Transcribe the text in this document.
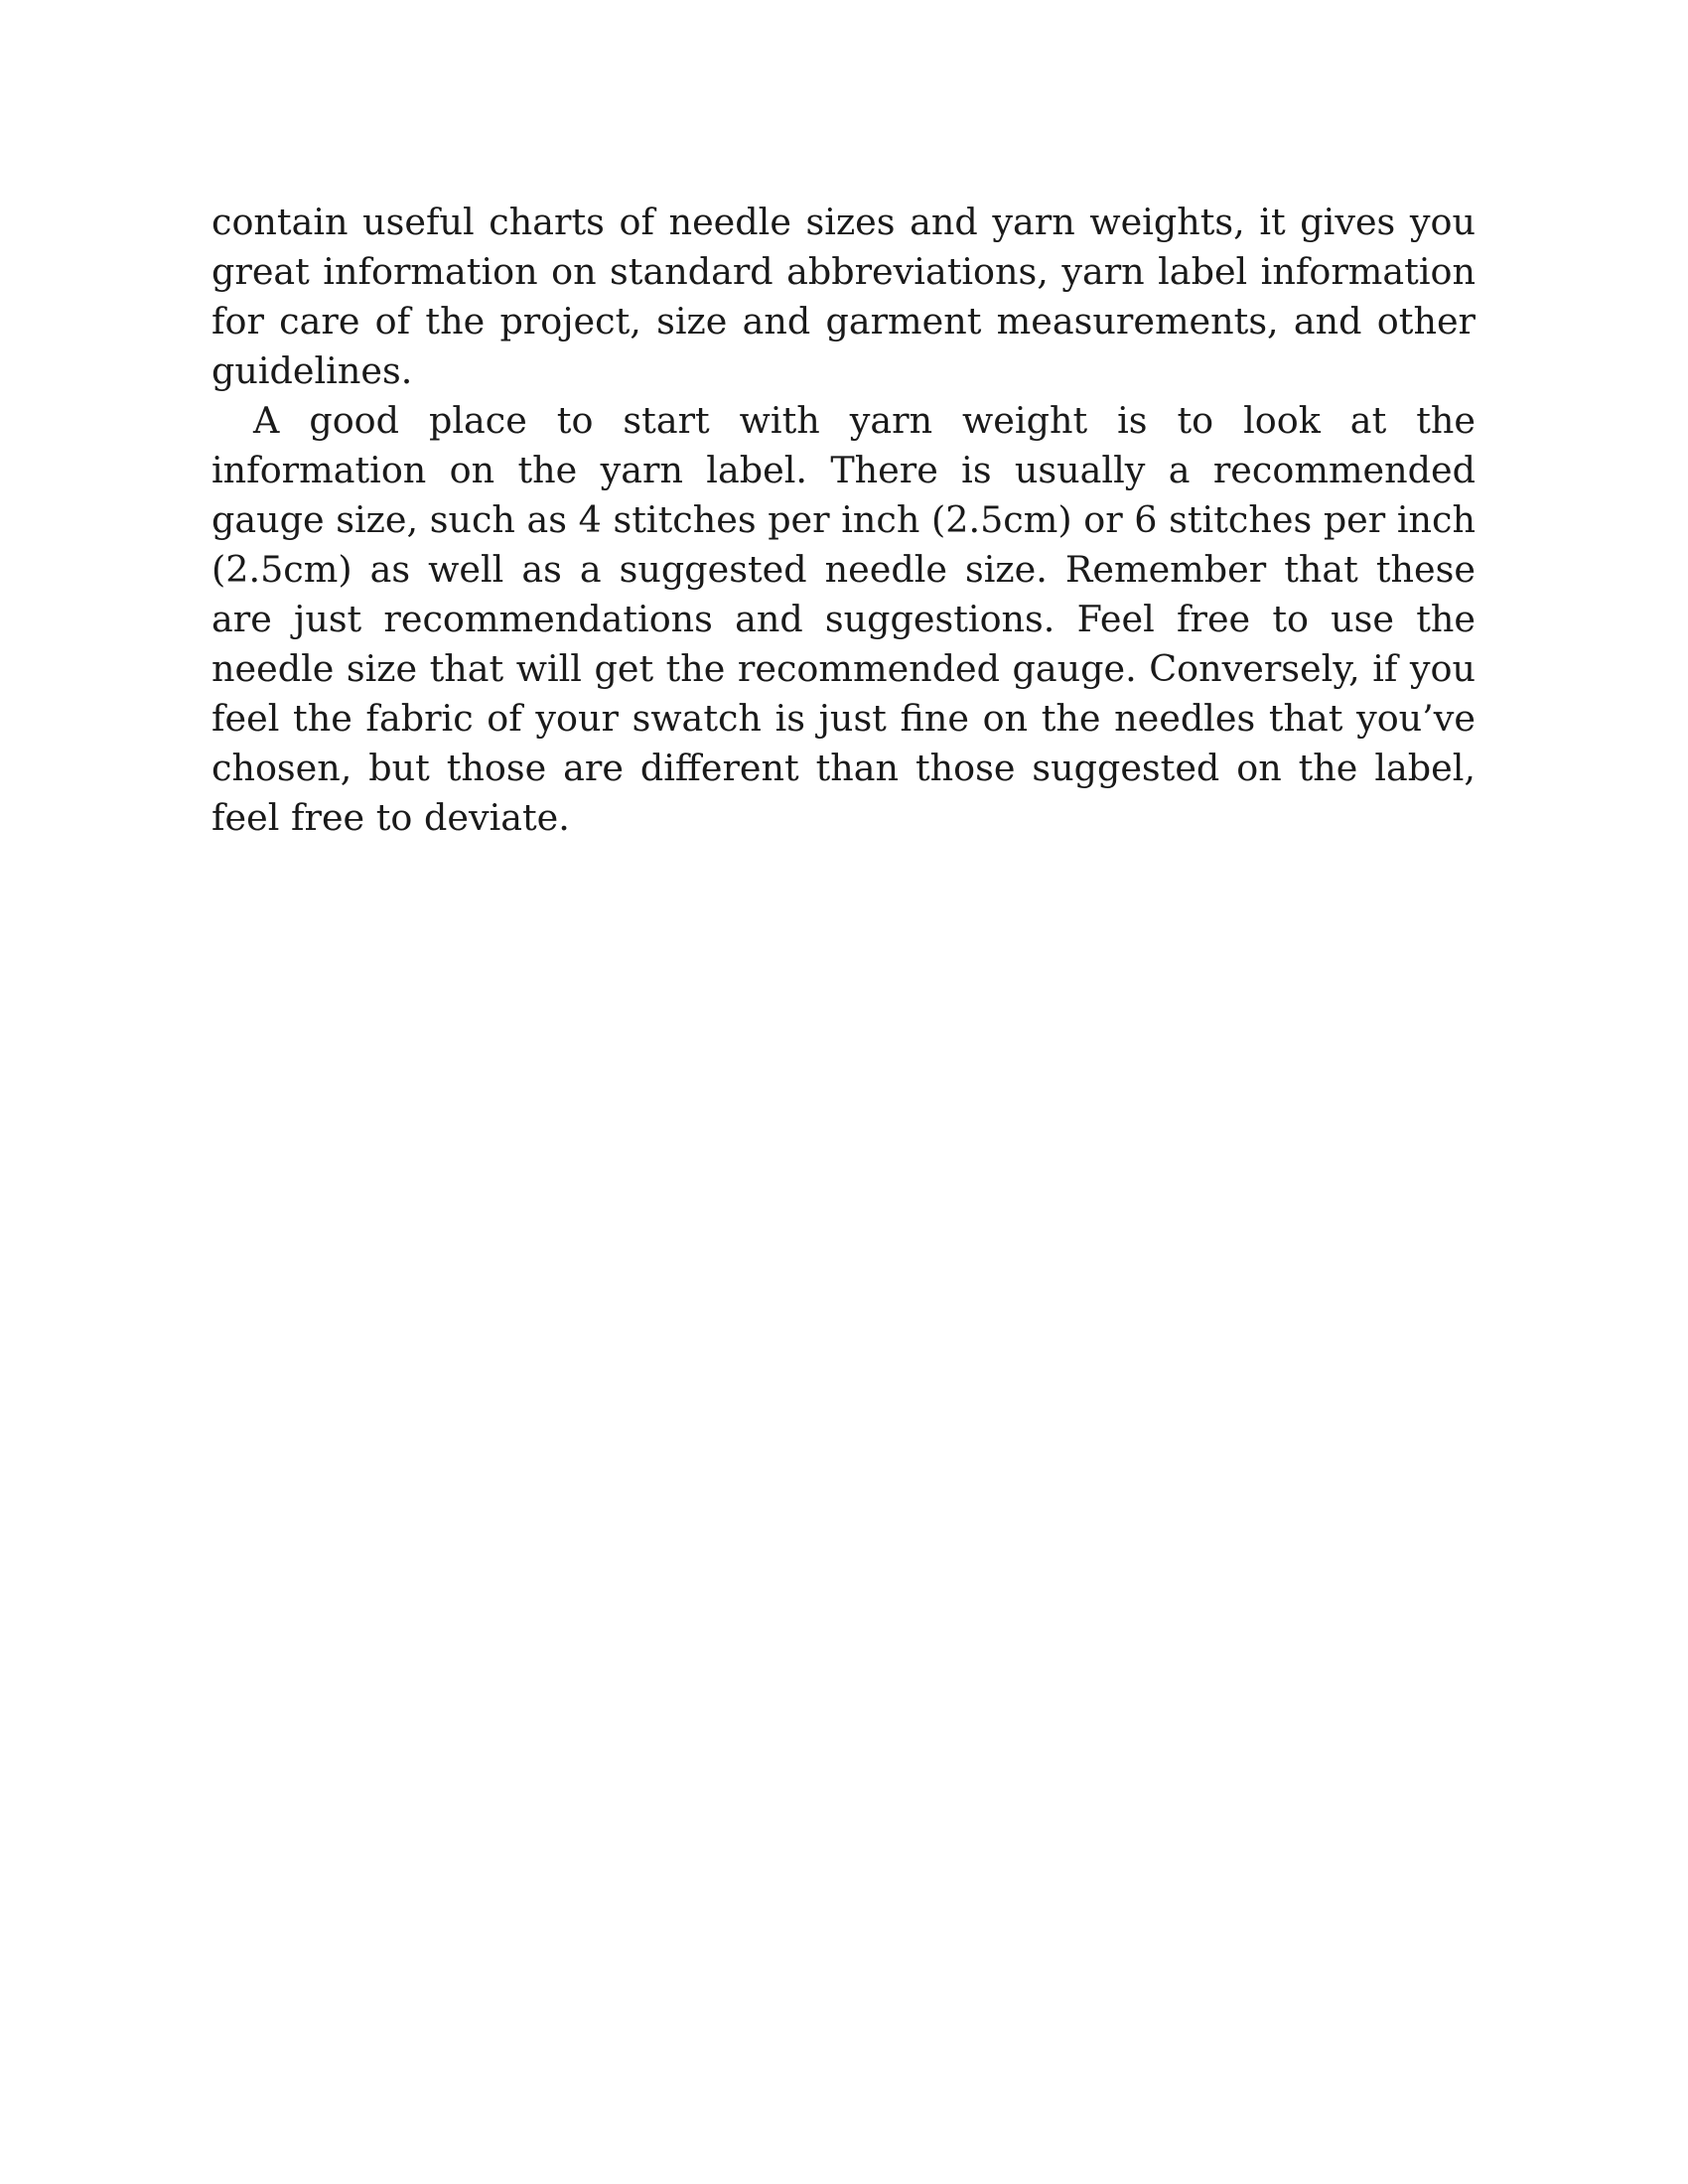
contain useful charts of needle sizes and yarn weights, it gives you great information on standard abbreviations, yarn label information for care of the project, size and garment measurements, and other guidelines.

A good place to start with yarn weight is to look at the information on the yarn label. There is usually a recommended gauge size, such as 4 stitches per inch (2.5cm) or 6 stitches per inch (2.5cm) as well as a suggested needle size. Remember that these are just recommendations and suggestions. Feel free to use the needle size that will get the recommended gauge. Conversely, if you feel the fabric of your swatch is just fine on the needles that you’ve chosen, but those are different than those suggested on the label, feel free to deviate.
